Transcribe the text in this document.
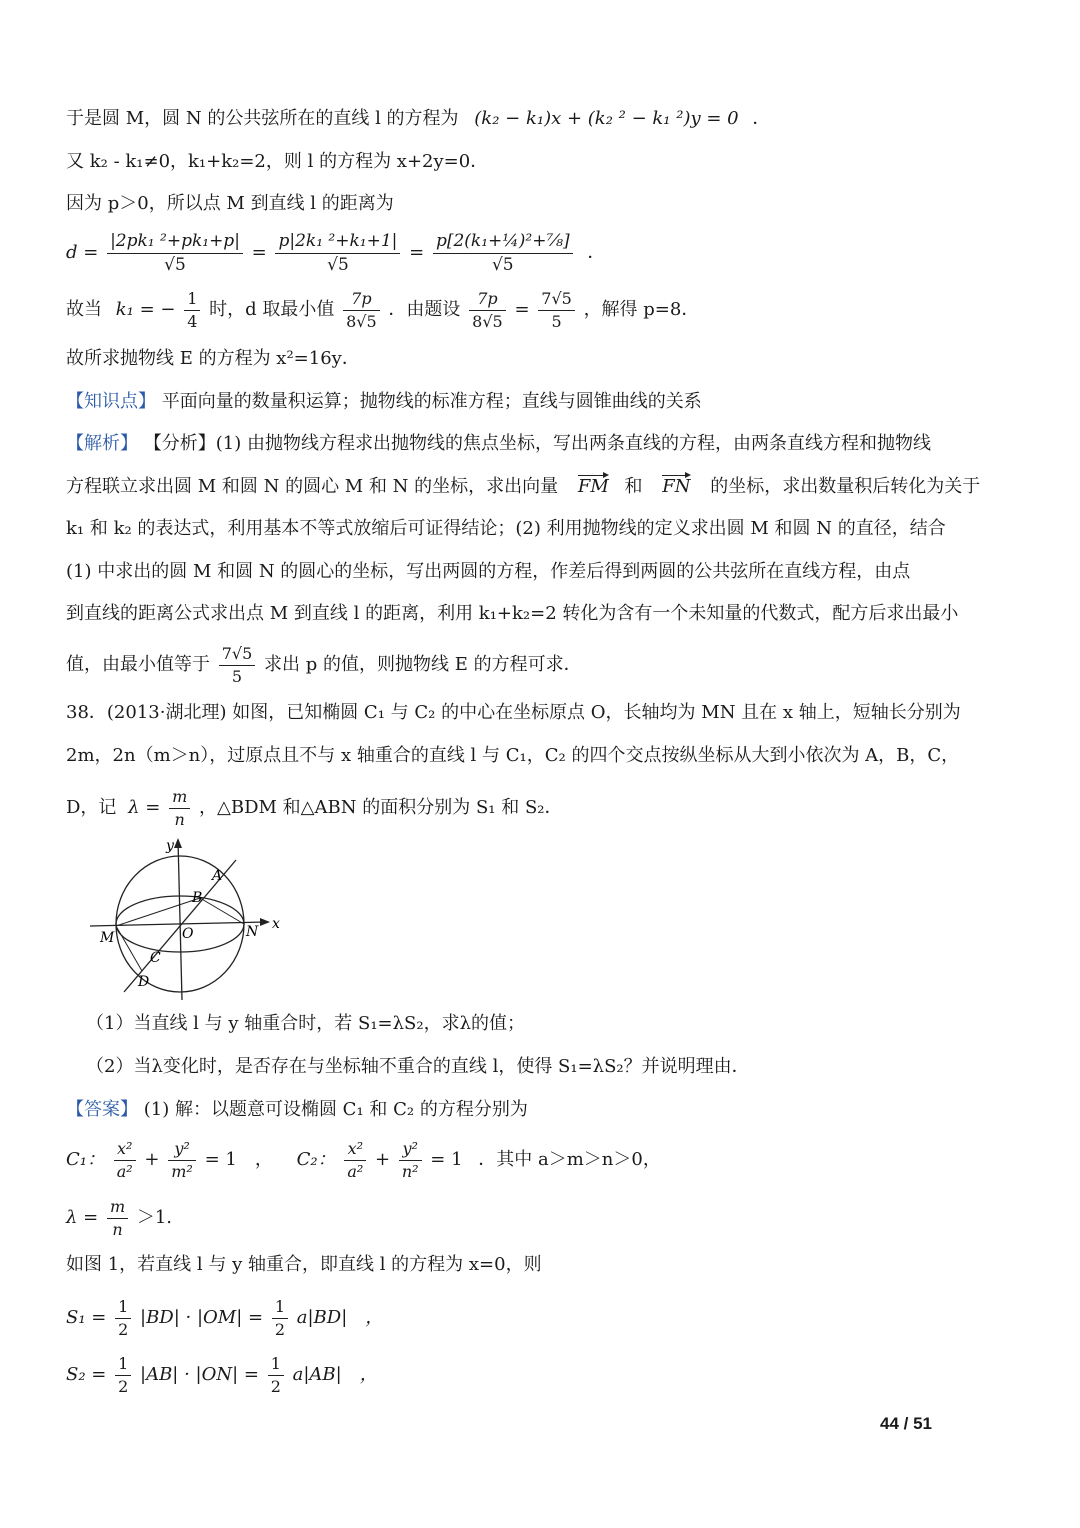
于是圆 M，圆 N 的公共弦所在的直线 l 的方程为 (k₂ − k₁)x + (k₂ ² − k₁ ²)y = 0 ．
又 k₂ - k₁≠0，k₁+k₂=2，则 l 的方程为 x+2y=0．
因为 p＞0，所以点 M 到直线 l 的距离为
$d = \frac{\text{|2pk₁ ²+pk₁+p|}}{√5} = \frac{\text{p|2k₁ ²+k₁+1|}}{√5} = \frac{\text{p[2(k₁+¼)²+⅞]}}{√5}$ ．
故当 k₁ = − $\frac{1}{4}$ 时，d 取最小值 $\frac{7p}{8√5}$ ．由题设 $\frac{7p}{8√5} = \frac{7√5}{5}$ ，解得 p=8．
故所求抛物线 E 的方程为 x²=16y．
【知识点】 平面向量的数量积运算；抛物线的标准方程；直线与圆锥曲线的关系
【解析】 【分析】(1) 由抛物线方程求出抛物线的焦点坐标，写出两条直线的方程，由两条直线方程和抛物线
方程联立求出圆 M 和圆 N 的圆心 M 和 N 的坐标，求出向量 FM 和 FN 的坐标，求出数量积后转化为关于
k₁ 和 k₂ 的表达式，利用基本不等式放缩后可证得结论；(2) 利用抛物线的定义求出圆 M 和圆 N 的直径，结合
(1) 中求出的圆 M 和圆 N 的圆心的坐标，写出两圆的方程，作差后得到两圆的公共弦所在直线方程，由点
到直线的距离公式求出点 M 到直线 l 的距离，利用 k₁+k₂=2 转化为含有一个未知量的代数式，配方后求出最小
值，由最小值等于 $\frac{7√5}{5}$ 求出 p 的值，则抛物线 E 的方程可求．
38．(2013·湖北理) 如图，已知椭圆 C₁ 与 C₂ 的中心在坐标原点 O，长轴均为 MN 且在 x 轴上，短轴长分别为
2m，2n（m＞n），过原点且不与 x 轴重合的直线 l 与 C₁，C₂ 的四个交点按纵坐标从大到小依次为 A，B，C，
D，记 $\lambda = \frac{m}{n}$ ，△BDM 和△ABN 的面积分别为 S₁ 和 S₂．
y
x
A
B
O
M	N
C
D
（1）当直线 l 与 y 轴重合时，若 S₁=λS₂，求λ的值；
（2）当λ变化时，是否存在与坐标轴不重合的直线 l，使得 S₁=λS₂？并说明理由．
【答案】 (1) 解：以题意可设椭圆 C₁ 和 C₂ 的方程分别为
C₁： $\frac{\text{x²}}{\text{a²}} + \frac{\text{y²}}{\text{m²}} = 1$　， C₂： $\frac{\text{x²}}{\text{a²}} + \frac{\text{y²}}{\text{n²}} = 1$ ．其中 a＞m＞n＞0，
$\lambda = \frac{m}{n} >1$.
如图 1，若直线 l 与 y 轴重合，即直线 l 的方程为 x=0，则
$S_1 = \frac{1}{2} |BD| \cdot |OM| = \frac{1}{2} a|BD|$　，
$S_2 = \frac{1}{2} |AB| \cdot |ON| = \frac{1}{2} a|AB|$　，
44 / 51
